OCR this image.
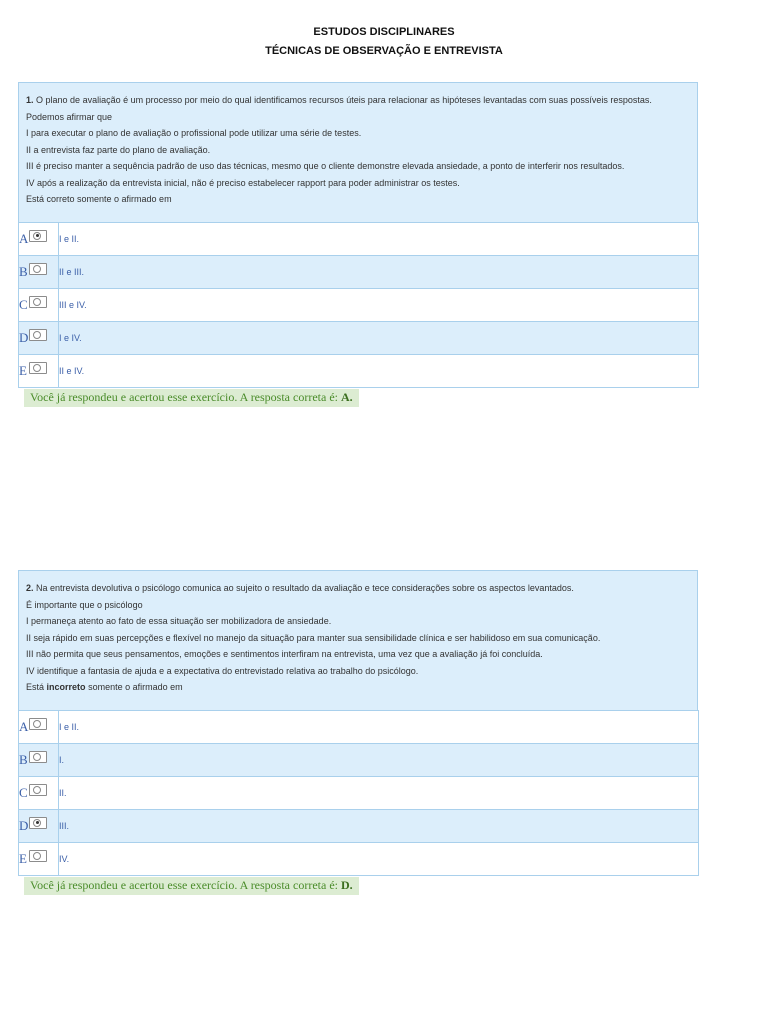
ESTUDOS DISCIPLINARES
TÉCNICAS DE OBSERVAÇÃO E ENTREVISTA
1. O plano de avaliação é um processo por meio do qual identificamos recursos úteis para relacionar as hipóteses levantadas com suas possíveis respostas.
Podemos afirmar que
I para executar o plano de avaliação o profissional pode utilizar uma série de testes.
II a entrevista faz parte do plano de avaliação.
III é preciso manter a sequência padrão de uso das técnicas, mesmo que o cliente demonstre elevada ansiedade, a ponto de interferir nos resultados.
IV após a realização da entrevista inicial, não é preciso estabelecer rapport para poder administrar os testes.
Está correto somente o afirmado em
A	I e II.

B	II e III.

C	III e IV.

D	I e IV.

E	II e IV.
Você já respondeu e acertou esse exercício. A resposta correta é: A.
2. Na entrevista devolutiva o psicólogo comunica ao sujeito o resultado da avaliação e tece considerações sobre os aspectos levantados.
É importante que o psicólogo
I permaneça atento ao fato de essa situação ser mobilizadora de ansiedade.
II seja rápido em suas percepções e flexível no manejo da situação para manter sua sensibilidade clínica e ser habilidoso em sua comunicação.
III não permita que seus pensamentos, emoções e sentimentos interfiram na entrevista, uma vez que a avaliação já foi concluída.
IV identifique a fantasia de ajuda e a expectativa do entrevistado relativa ao trabalho do psicólogo.
Está incorreto somente o afirmado em
A	I e II.

B	I.

C	II.

D	III.

E	IV.
Você já respondeu e acertou esse exercício. A resposta correta é: D.
